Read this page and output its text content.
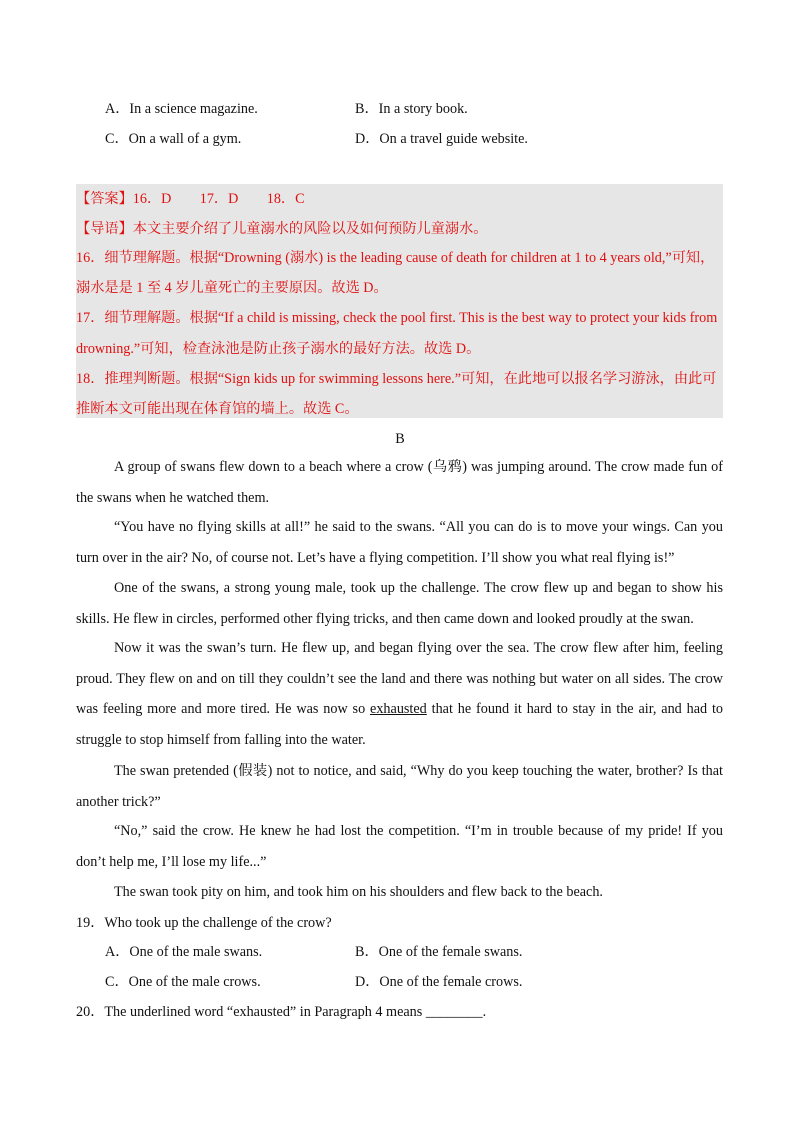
A．In a science magazine.	B．In a story book.
C．On a wall of a gym.	D．On a travel guide website.
【答案】16．D　　17．D　　18．C
【导语】本文主要介绍了儿童溺水的风险以及如何预防儿童溺水。
16．细节理解题。根据“Drowning (溺水) is the leading cause of death for children at 1 to 4 years old,”可知，
溺水是是 1 至 4 岁儿童死亡的主要原因。故选 D。
17．细节理解题。根据“If a child is missing, check the pool first. This is the best way to protect your kids from
drowning.”可知，检查泳池是防止孩子溺水的最好方法。故选 D。
18．推理判断题。根据“Sign kids up for swimming lessons here.”可知，在此地可以报名学习游泳，由此可
推断本文可能出现在体育馆的墙上。故选 C。
B
A group of swans flew down to a beach where a crow (乌鸦) was jumping around. The crow made fun of the swans when he watched them.
“You have no flying skills at all!” he said to the swans. “All you can do is to move your wings. Can you turn over in the air? No, of course not. Let’s have a flying competition. I’ll show you what real flying is!”
One of the swans, a strong young male, took up the challenge. The crow flew up and began to show his skills. He flew in circles, performed other flying tricks, and then came down and looked proudly at the swan.
Now it was the swan’s turn. He flew up, and began flying over the sea. The crow flew after him, feeling proud. They flew on and on till they couldn’t see the land and there was nothing but water on all sides. The crow was feeling more and more tired. He was now so exhausted that he found it hard to stay in the air, and had to struggle to stop himself from falling into the water.
The swan pretended (假装) not to notice, and said, “Why do you keep touching the water, brother? Is that another trick?”
“No,” said the crow. He knew he had lost the competition. “I’m in trouble because of my pride! If you don’t help me, I’ll lose my life...”
The swan took pity on him, and took him on his shoulders and flew back to the beach.
19．Who took up the challenge of the crow?
A．One of the male swans.	B．One of the female swans.
C．One of the male crows.	D．One of the female crows.
20．The underlined word “exhausted” in Paragraph 4 means ________.
